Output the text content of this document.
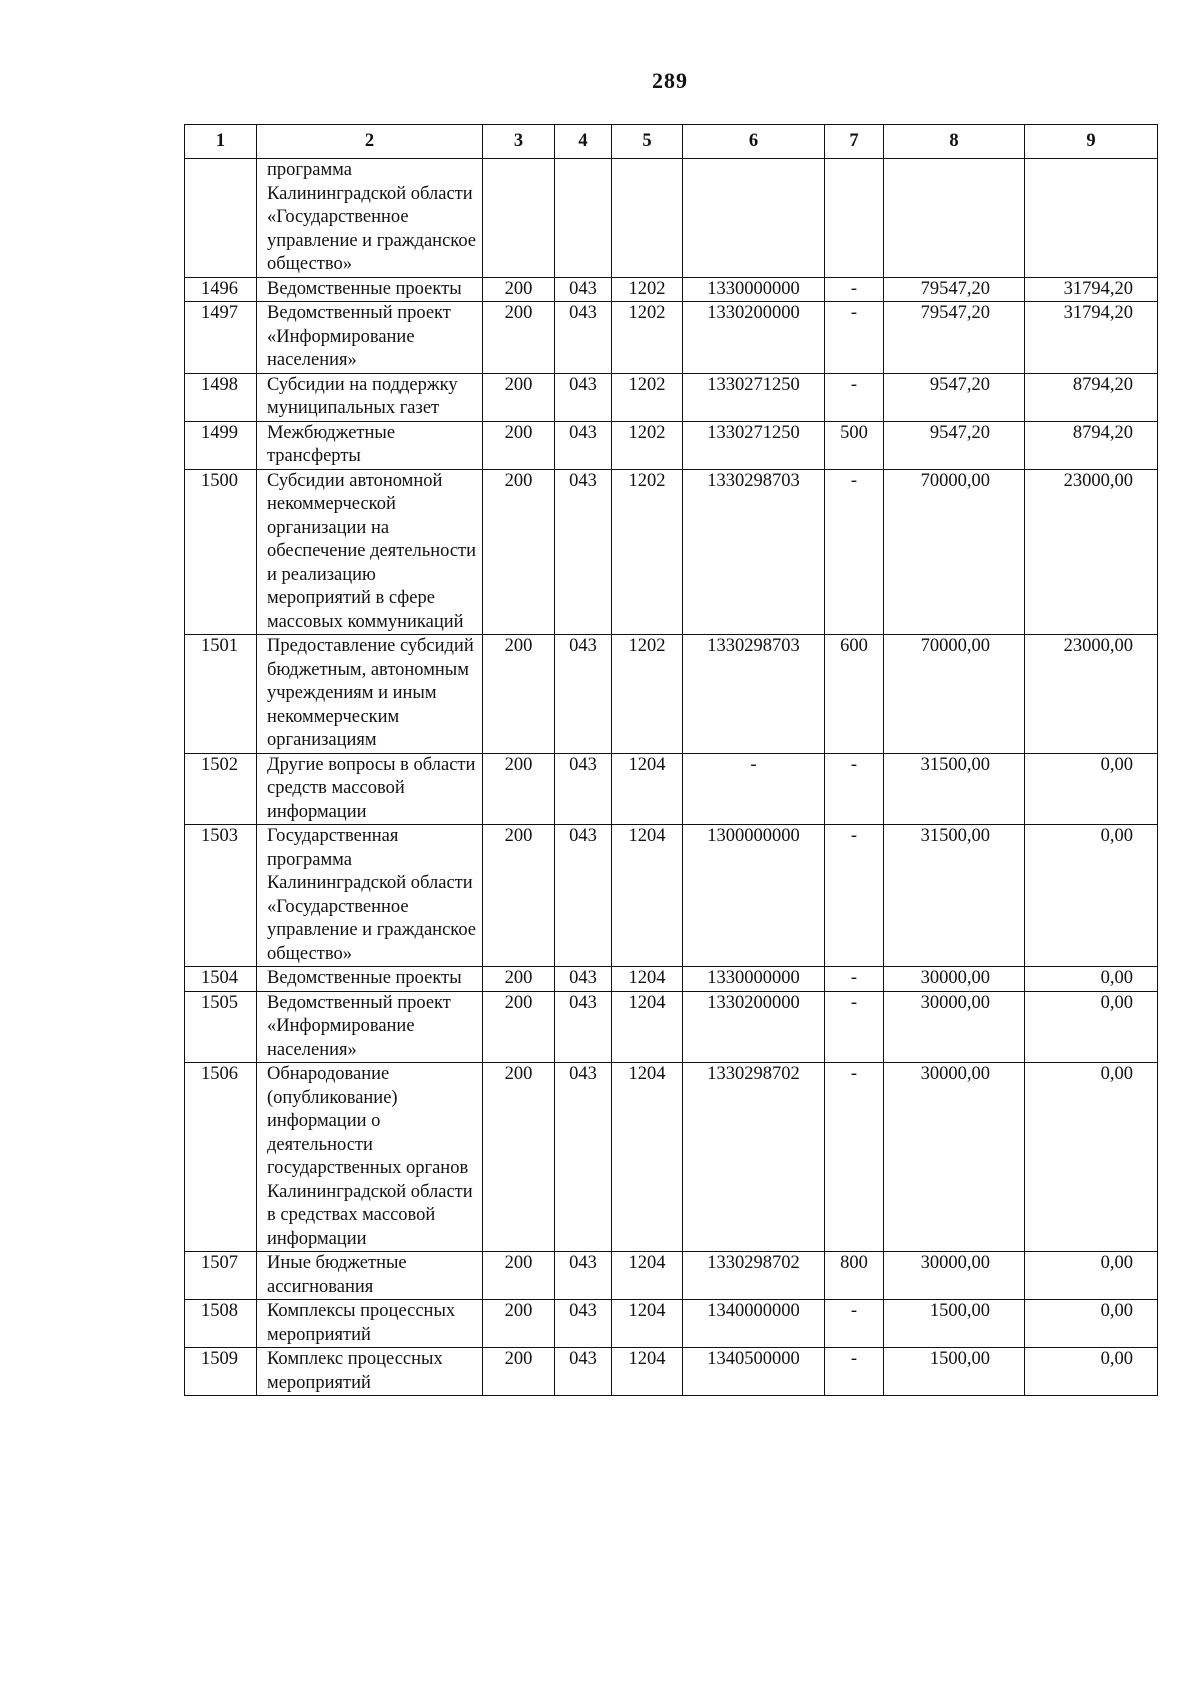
289
1	2	3	4	5	6	7	8	9
	программа Калининградской области «Государственное управление и гражданское общество»							
1496	Ведомственные проекты	200	043	1202	1330000000	-	79547,20	31794,20
1497	Ведомственный проект «Информирование населения»	200	043	1202	1330200000	-	79547,20	31794,20
1498	Субсидии на поддержку муниципальных газет	200	043	1202	1330271250	-	9547,20	8794,20
1499	Межбюджетные трансферты	200	043	1202	1330271250	500	9547,20	8794,20
1500	Субсидии автономной некоммерческой организации на обеспечение деятельности и реализацию мероприятий в сфере массовых коммуникаций	200	043	1202	1330298703	-	70000,00	23000,00
1501	Предоставление субсидий бюджетным, автономным учреждениям и иным некоммерческим организациям	200	043	1202	1330298703	600	70000,00	23000,00
1502	Другие вопросы в области средств массовой информации	200	043	1204	-	-	31500,00	0,00
1503	Государственная программа Калининградской области «Государственное управление и гражданское общество»	200	043	1204	1300000000	-	31500,00	0,00
1504	Ведомственные проекты	200	043	1204	1330000000	-	30000,00	0,00
1505	Ведомственный проект «Информирование населения»	200	043	1204	1330200000	-	30000,00	0,00
1506	Обнародование (опубликование) информации о деятельности государственных органов Калининградской области в средствах массовой информации	200	043	1204	1330298702	-	30000,00	0,00
1507	Иные бюджетные ассигнования	200	043	1204	1330298702	800	30000,00	0,00
1508	Комплексы процессных мероприятий	200	043	1204	1340000000	-	1500,00	0,00
1509	Комплекс процессных мероприятий	200	043	1204	1340500000	-	1500,00	0,00
